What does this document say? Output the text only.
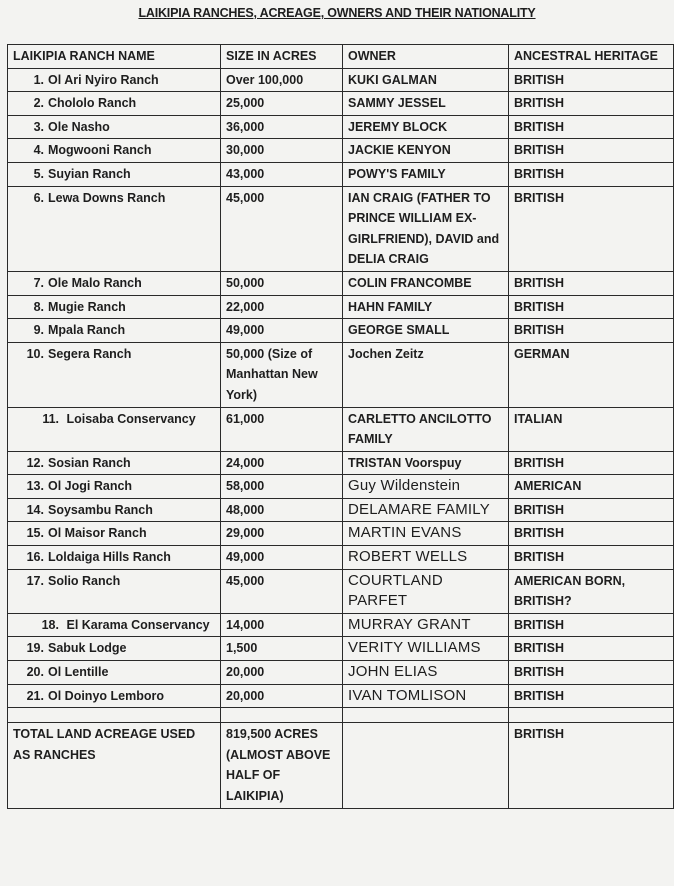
LAIKIPIA RANCHES, ACREAGE, OWNERS AND THEIR NATIONALITY
LAIKIPIA RANCH NAME	SIZE IN ACRES	OWNER	ANCESTRAL HERITAGE
1. Ol Ari Nyiro Ranch	Over 100,000	KUKI GALMAN	BRITISH
2. Chololo Ranch	25,000	SAMMY JESSEL	BRITISH
3. Ole Nasho	36,000	JEREMY BLOCK	BRITISH
4. Mogwooni Ranch	30,000	JACKIE KENYON	BRITISH
5. Suyian Ranch	43,000	POWY'S FAMILY	BRITISH
6. Lewa Downs Ranch	45,000	IAN CRAIG (FATHER TO PRINCE WILLIAM EX-GIRLFRIEND), DAVID and DELIA CRAIG	BRITISH
7. Ole Malo Ranch	50,000	COLIN FRANCOMBE	BRITISH
8. Mugie Ranch	22,000	HAHN FAMILY	BRITISH
9. Mpala Ranch	49,000	GEORGE SMALL	BRITISH
10. Segera Ranch	50,000 (Size of Manhattan New York)	Jochen Zeitz	GERMAN
11. Loisaba Conservancy	61,000	CARLETTO ANCILOTTO FAMILY	ITALIAN
12. Sosian Ranch	24,000	TRISTAN Voorspuy	BRITISH
13. Ol Jogi Ranch	58,000	Guy Wildenstein	AMERICAN
14. Soysambu Ranch	48,000	DELAMARE FAMILY	BRITISH
15. Ol Maisor Ranch	29,000	MARTIN EVANS	BRITISH
16. Loldaiga Hills Ranch	49,000	ROBERT WELLS	BRITISH
17. Solio Ranch	45,000	COURTLAND PARFET	AMERICAN BORN, BRITISH?
18. El Karama Conservancy	14,000	MURRAY GRANT	BRITISH
19. Sabuk Lodge	1,500	VERITY WILLIAMS	BRITISH
20. Ol Lentille	20,000	JOHN ELIAS	BRITISH
21. Ol Doinyo Lemboro	20,000	IVAN TOMLISON	BRITISH

TOTAL LAND ACREAGE USED AS RANCHES	819,500 ACRES (ALMOST ABOVE HALF OF LAIKIPIA)		BRITISH
